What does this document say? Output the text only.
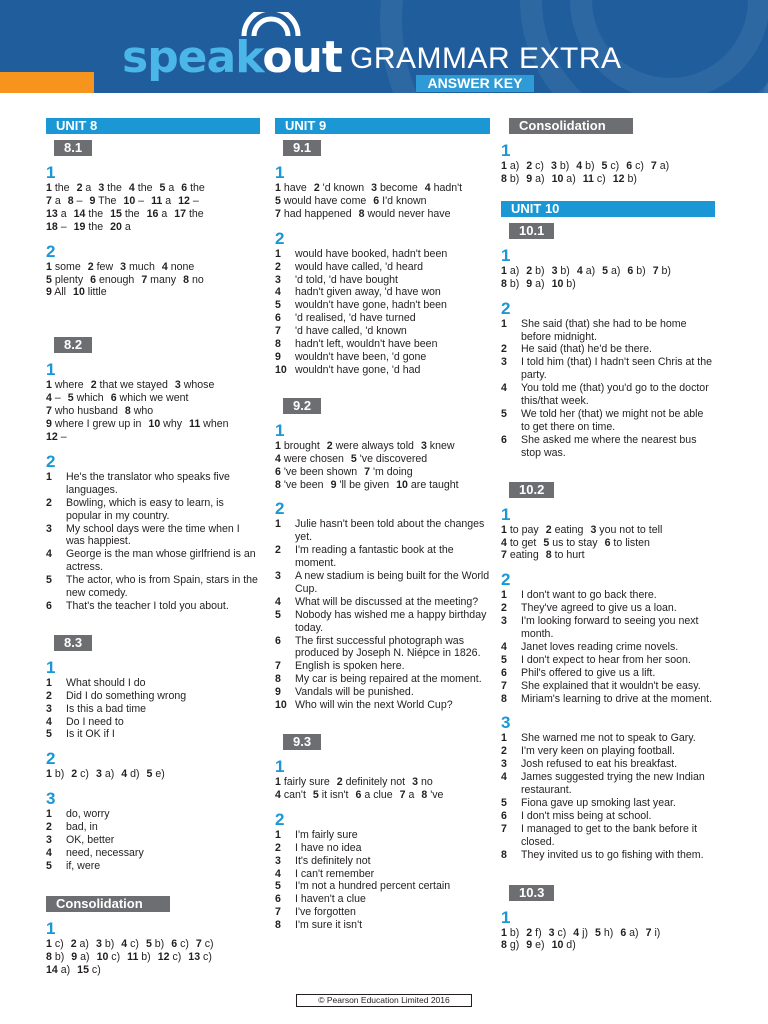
speakout GRAMMAR EXTRA
ANSWER KEY
UNIT 8
8.1
1
1 the 2 a 3 the 4 the 5 a 6 the
7 a 8 – 9 The 10 – 11 a 12 –
13 a 14 the 15 the 16 a 17 the
18 – 19 the 20 a
2
1 some 2 few 3 much 4 none
5 plenty 6 enough 7 many 8 no
9 All 10 little
8.2
1
1 where 2 that we stayed 3 whose
4 – 5 which 6 which we went
7 who husband 8 who
9 where I grew up in 10 why 11 when
12 –
2
1 He's the translator who speaks five languages.
2 Bowling, which is easy to learn, is popular in my country.
3 My school days were the time when I was happiest.
4 George is the man whose girlfriend is an actress.
5 The actor, who is from Spain, stars in the new comedy.
6 That's the teacher I told you about.
8.3
1
1 What should I do
2 Did I do something wrong
3 Is this a bad time
4 Do I need to
5 Is it OK if I
2
1 b) 2 c) 3 a) 4 d) 5 e)
3
1 do, worry
2 bad, in
3 OK, better
4 need, necessary
5 if, were
Consolidation
1
1 c) 2 a) 3 b) 4 c) 5 b) 6 c) 7 c)
8 b) 9 a) 10 c) 11 b) 12 c) 13 c)
14 a) 15 c)
UNIT 9
9.1
1
1 have 2 'd known 3 become 4 hadn't
5 would have come 6 I'd known
7 had happened 8 would never have
2
1 would have booked, hadn't been
2 would have called, 'd heard
3 'd told, 'd have bought
4 hadn't given away, 'd have won
5 wouldn't have gone, hadn't been
6 'd realised, 'd have turned
7 'd have called, 'd known
8 hadn't left, wouldn't have been
9 wouldn't have been, 'd gone
10 wouldn't have gone, 'd had
9.2
1
1 brought 2 were always told 3 knew
4 were chosen 5 've discovered
6 've been shown 7 'm doing
8 've been 9 'll be given 10 are taught
2
1 Julie hasn't been told about the changes yet.
2 I'm reading a fantastic book at the moment.
3 A new stadium is being built for the World Cup.
4 What will be discussed at the meeting?
5 Nobody has wished me a happy birthday today.
6 The first successful photograph was produced by Joseph N. Niépce in 1826.
7 English is spoken here.
8 My car is being repaired at the moment.
9 Vandals will be punished.
10 Who will win the next World Cup?
9.3
1
1 fairly sure 2 definitely not 3 no
4 can't 5 it isn't 6 a clue 7 a 8 've
2
1 I'm fairly sure
2 I have no idea
3 It's definitely not
4 I can't remember
5 I'm not a hundred percent certain
6 I haven't a clue
7 I've forgotten
8 I'm sure it isn't
Consolidation
1
1 a) 2 c) 3 b) 4 b) 5 c) 6 c) 7 a)
8 b) 9 a) 10 a) 11 c) 12 b)
UNIT 10
10.1
1
1 a) 2 b) 3 b) 4 a) 5 a) 6 b) 7 b)
8 b) 9 a) 10 b)
2
1 She said (that) she had to be home before midnight.
2 He said (that) he'd be there.
3 I told him (that) I hadn't seen Chris at the party.
4 You told me (that) you'd go to the doctor this/that week.
5 We told her (that) we might not be able to get there on time.
6 She asked me where the nearest bus stop was.
10.2
1
1 to pay 2 eating 3 you not to tell
4 to get 5 us to stay 6 to listen
7 eating 8 to hurt
2
1 I don't want to go back there.
2 They've agreed to give us a loan.
3 I'm looking forward to seeing you next month.
4 Janet loves reading crime novels.
5 I don't expect to hear from her soon.
6 Phil's offered to give us a lift.
7 She explained that it wouldn't be easy.
8 Miriam's learning to drive at the moment.
3
1 She warned me not to speak to Gary.
2 I'm very keen on playing football.
3 Josh refused to eat his breakfast.
4 James suggested trying the new Indian restaurant.
5 Fiona gave up smoking last year.
6 I don't miss being at school.
7 I managed to get to the bank before it closed.
8 They invited us to go fishing with them.
10.3
1
1 b) 2 f) 3 c) 4 j) 5 h) 6 a) 7 i)
8 g) 9 e) 10 d)
© Pearson Education Limited 2016
